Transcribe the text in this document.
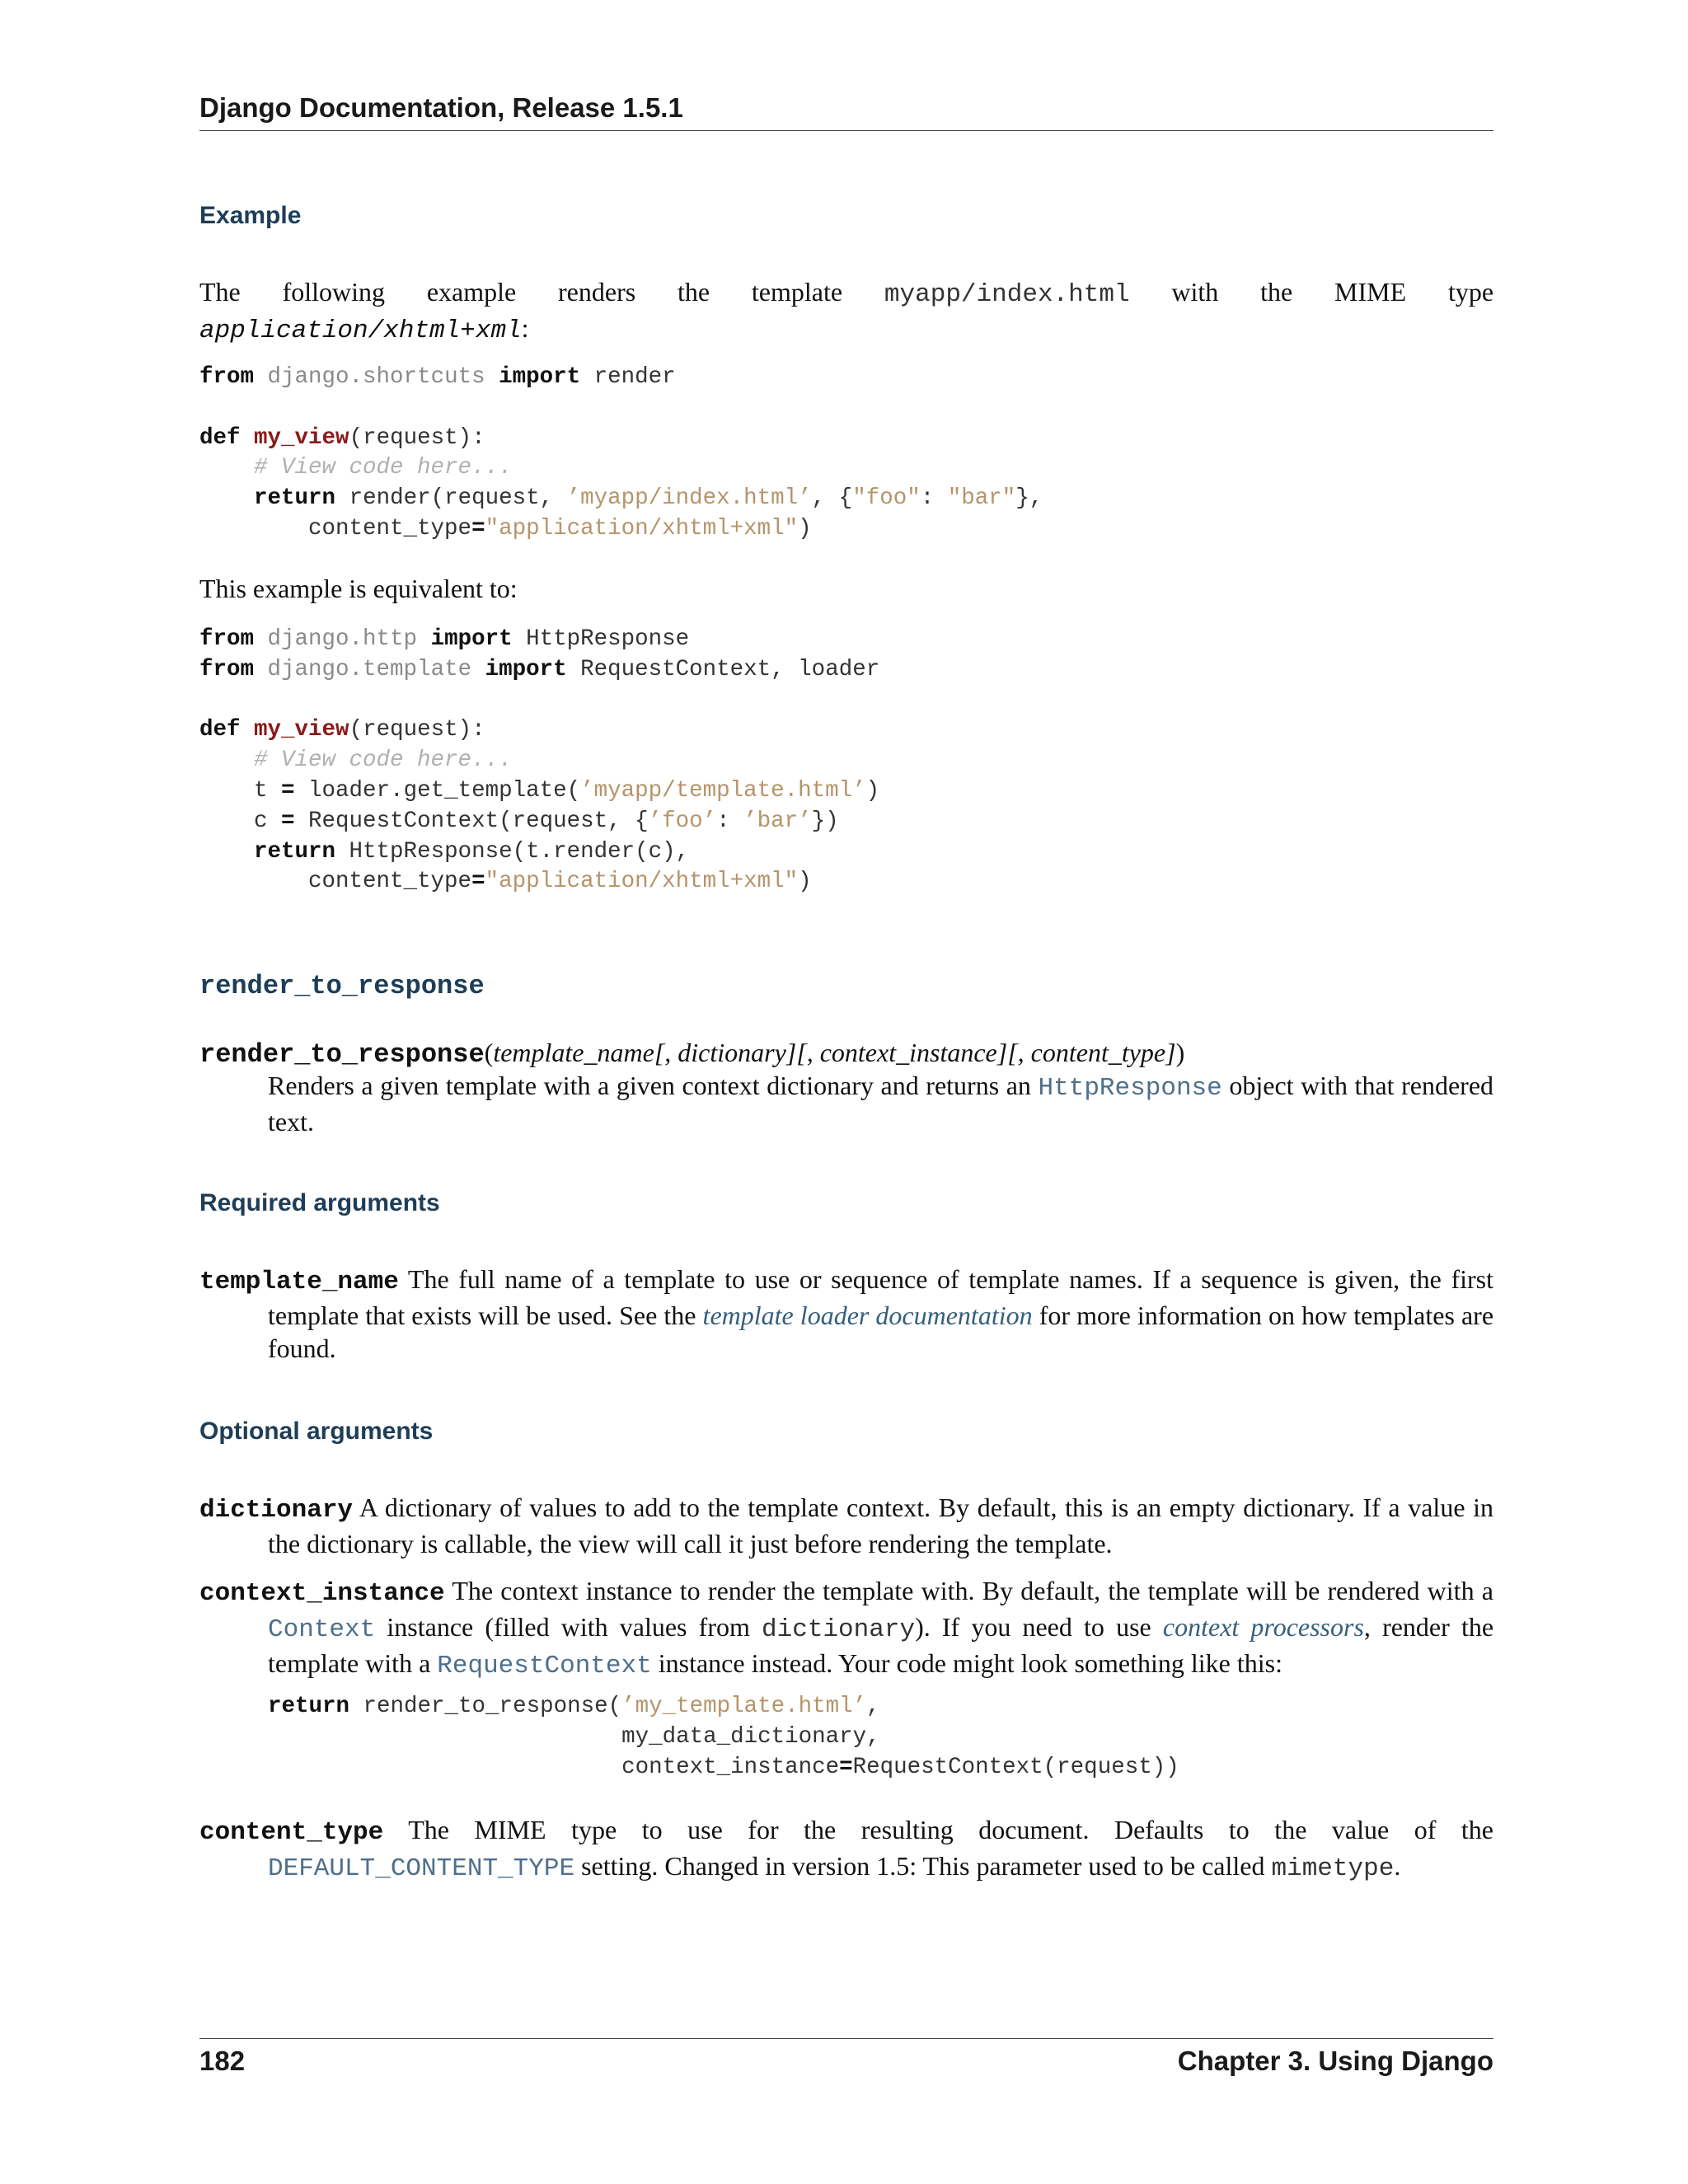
Django Documentation, Release 1.5.1
Example
The following example renders the template myapp/index.html with the MIME type
application/xhtml+xml:
from django.shortcuts import render

def my_view(request):
# View code here...
return render(request, ’myapp/index.html’, {"foo": "bar"},
content_type="application/xhtml+xml")
This example is equivalent to:
from django.http import HttpResponse
from django.template import RequestContext, loader

def my_view(request):
# View code here...
t = loader.get_template(’myapp/template.html’)
c = RequestContext(request, {’foo’: ’bar’})
return HttpResponse(t.render(c),
content_type="application/xhtml+xml")
render_to_response
render_to_response(template_name[, dictionary][, context_instance][, content_type])
Renders a given template with a given context dictionary and returns an HttpResponse object with that rendered text.
Required arguments
template_name The full name of a template to use or sequence of template names. If a sequence is given, the first template that exists will be used. See the template loader documentation for more information on how templates are found.
Optional arguments
dictionary A dictionary of values to add to the template context. By default, this is an empty dictionary. If a value in the dictionary is callable, the view will call it just before rendering the template.
context_instance The context instance to render the template with. By default, the template will be rendered with a Context instance (filled with values from dictionary). If you need to use context processors, render the template with a RequestContext instance instead. Your code might look something like this:
return render_to_response(’my_template.html’,
my_data_dictionary,
context_instance=RequestContext(request))
content_type The MIME type to use for the resulting document. Defaults to the value of the DEFAULT_CONTENT_TYPE setting. Changed in version 1.5: This parameter used to be called mimetype.
182	Chapter 3. Using Django
